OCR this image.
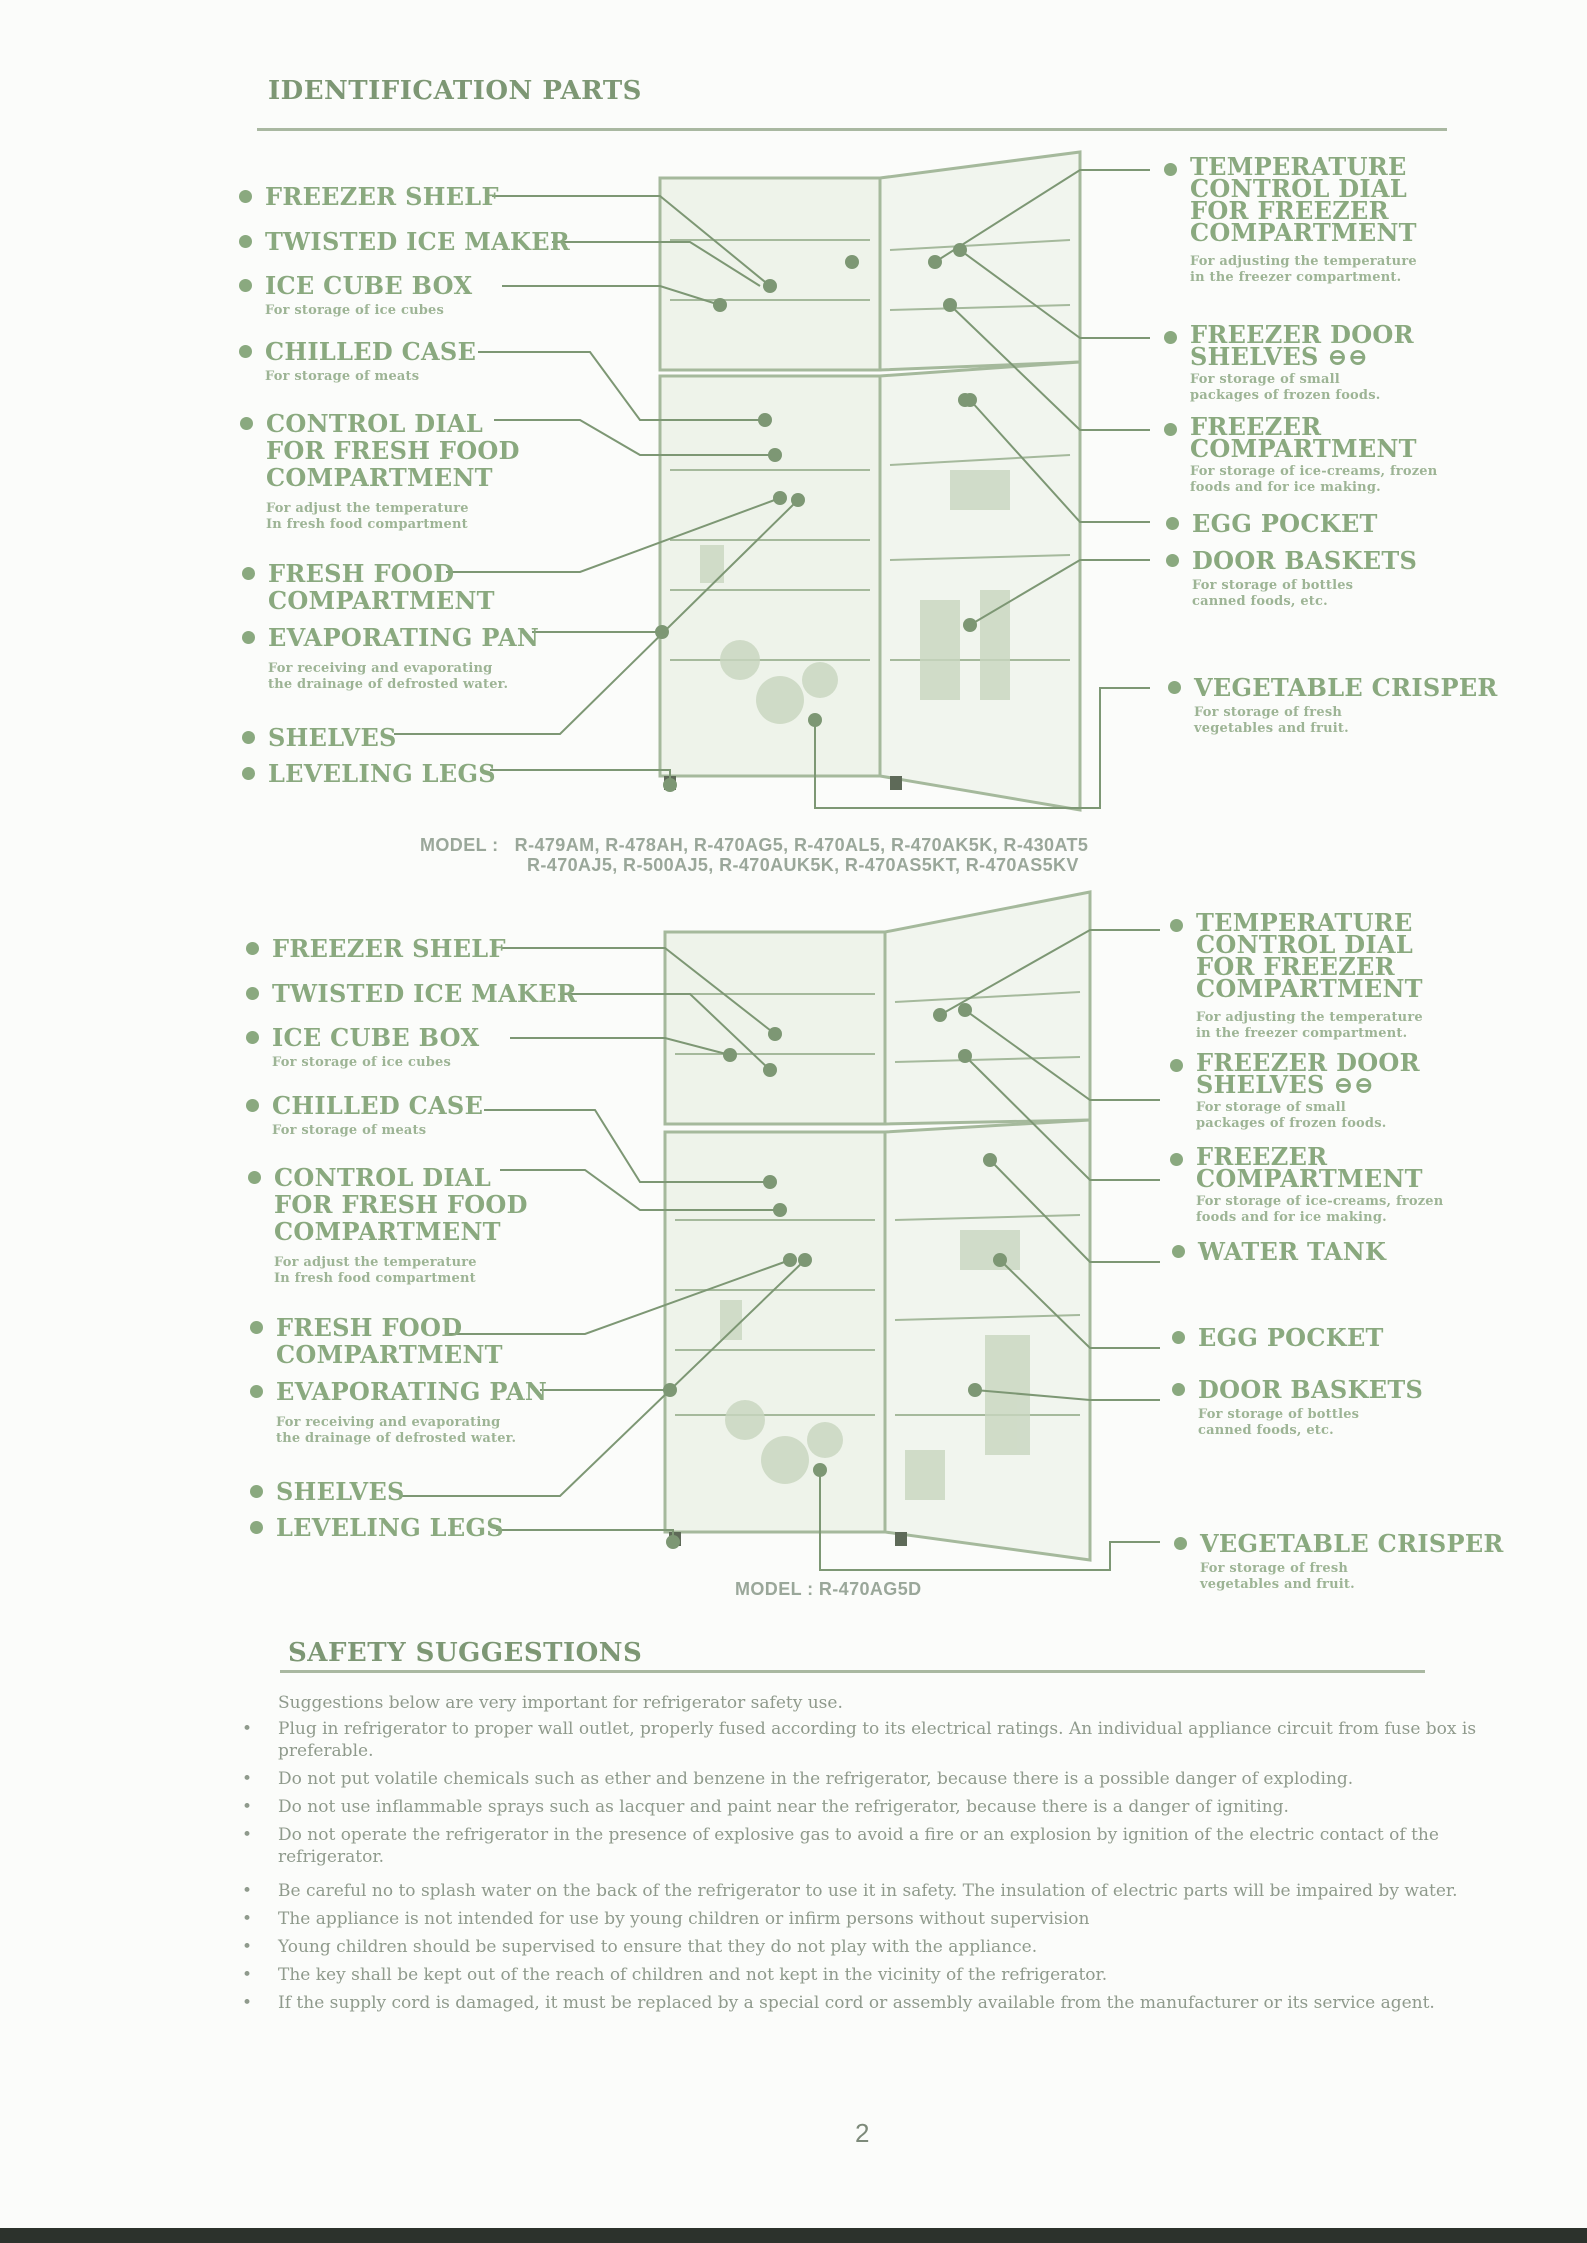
IDENTIFICATION PARTS
FREEZER SHELF
TWISTED ICE MAKER
ICE CUBE BOX
For storage of ice cubes
CHILLED CASE
For storage of meats
CONTROL DIAL
FOR FRESH FOOD
COMPARTMENT
For adjust the temperature
In fresh food compartment
FRESH FOOD
COMPARTMENT
EVAPORATING PAN
For receiving and evaporating
the drainage of defrosted water.
SHELVES
LEVELING LEGS
TEMPERATURE
CONTROL DIAL
FOR FREEZER
COMPARTMENT
For adjusting the temperature
in the freezer compartment.
FREEZER DOOR
SHELVES ⊖⊖
For storage of small
packages of frozen foods.
FREEZER
COMPARTMENT
For storage of ice-creams, frozen
foods and for ice making.
EGG POCKET
DOOR BASKETS
For storage of bottles
canned foods, etc.
VEGETABLE CRISPER
For storage of fresh
vegetables and fruit.
MODEL :   R-479AM, R-478AH, R-470AG5, R-470AL5, R-470AK5K, R-430AT5
R-470AJ5, R-500AJ5, R-470AUK5K, R-470AS5KT, R-470AS5KV
FREEZER SHELF
TWISTED ICE MAKER
ICE CUBE BOX
For storage of ice cubes
CHILLED CASE
For storage of meats
CONTROL DIAL
FOR FRESH FOOD
COMPARTMENT
For adjust the temperature
In fresh food compartment
FRESH FOOD
COMPARTMENT
EVAPORATING PAN
For receiving and evaporating
the drainage of defrosted water.
SHELVES
LEVELING LEGS
TEMPERATURE
CONTROL DIAL
FOR FREEZER
COMPARTMENT
For adjusting the temperature
in the freezer compartment.
FREEZER DOOR
SHELVES ⊖⊖
For storage of small
packages of frozen foods.
FREEZER
COMPARTMENT
For storage of ice-creams, frozen
foods and for ice making.
WATER TANK
EGG POCKET
DOOR BASKETS
For storage of bottles
canned foods, etc.
VEGETABLE CRISPER
For storage of fresh
vegetables and fruit.
MODEL : R-470AG5D
SAFETY SUGGESTIONS

Suggestions below are very important for refrigerator safety use.

• Plug in refrigerator to proper wall outlet, properly fused according to its electrical ratings. An individual appliance circuit from fuse box is preferable.
• Do not put volatile chemicals such as ether and benzene in the refrigerator, because there is a possible danger of exploding.
• Do not use inflammable sprays such as lacquer and paint near the refrigerator, because there is a danger of igniting.
• Do not operate the refrigerator in the presence of explosive gas to avoid a fire or an explosion by ignition of the electric contact of the refrigerator.
• Be careful no to splash water on the back of the refrigerator to use it in safety. The insulation of electric parts will be impaired by water.
• The appliance is not intended for use by young children or infirm persons without supervision
• Young children should be supervised to ensure that they do not play with the appliance.
• The key shall be kept out of the reach of children and not kept in the vicinity of the refrigerator.
• If the supply cord is damaged, it must be replaced by a special cord or assembly available from the manufacturer or its service agent.
2
